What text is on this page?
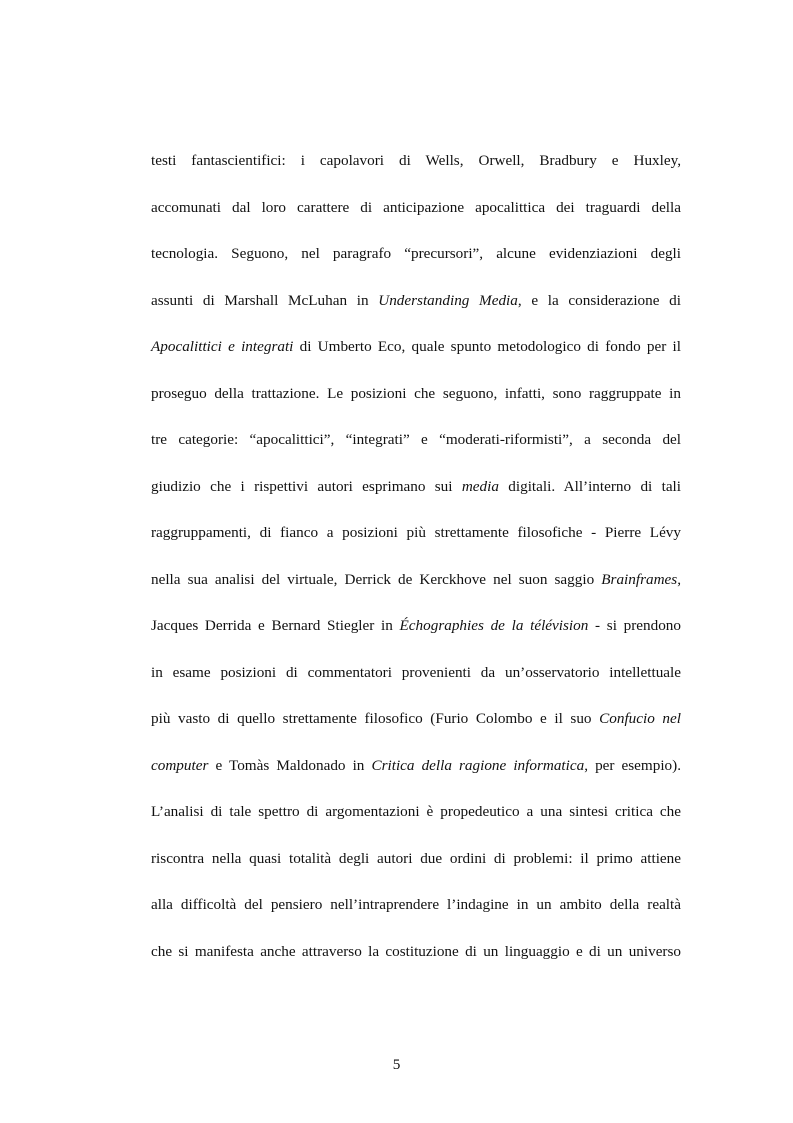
testi fantascientifici: i capolavori di Wells, Orwell, Bradbury e Huxley,
accomunati dal loro carattere di anticipazione apocalittica dei traguardi della
tecnologia. Seguono, nel paragrafo “precursori”, alcune evidenziazioni degli
assunti di Marshall McLuhan in Understanding Media, e la considerazione di
Apocalittici e integrati di Umberto Eco, quale spunto metodologico di fondo per il
proseguo della trattazione. Le posizioni che seguono, infatti, sono raggruppate in
tre categorie: “apocalittici”, “integrati” e “moderati-riformisti”, a seconda del
giudizio che i rispettivi autori esprimano sui media digitali. All’interno di tali
raggruppamenti, di fianco a posizioni più strettamente filosofiche - Pierre Lévy
nella sua analisi del virtuale, Derrick de Kerckhove nel suon saggio Brainframes,
Jacques Derrida e Bernard Stiegler in Échographies de la télévision - si prendono
in esame posizioni di commentatori provenienti da un’osservatorio intellettuale
più vasto di quello strettamente filosofico (Furio Colombo e il suo Confucio nel
computer e Tomàs Maldonado in Critica della ragione informatica, per esempio).
L’analisi di tale spettro di argomentazioni è propedeutico a una sintesi critica che
riscontra nella quasi totalità degli autori due ordini di problemi: il primo attiene
alla difficoltà del pensiero nell’intraprendere l’indagine in un ambito della realtà
che si manifesta anche attraverso la costituzione di un linguaggio e di un universo
5
